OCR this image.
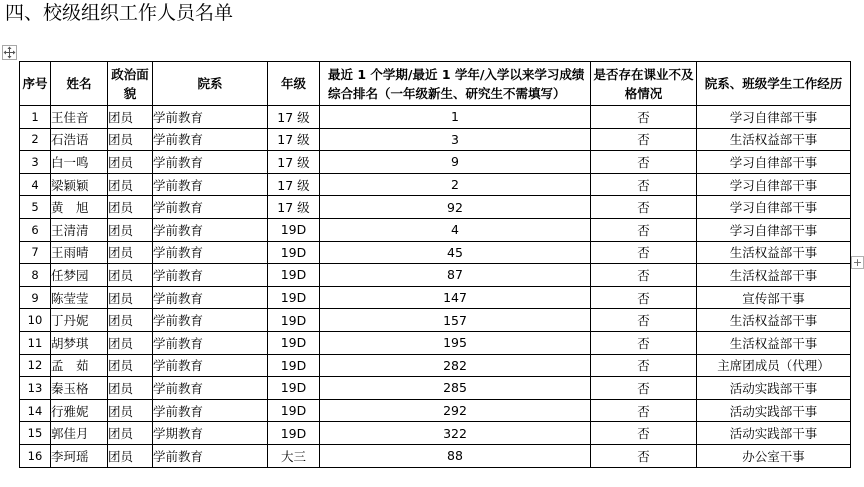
四、校级组织工作人员名单
+
序号	姓名	政治面貌	院系	年级	最近 1 个学期/最近 1 学年/入学以来学习成绩综合排名（一年级新生、研究生不需填写）	是否存在课业不及格情况	院系、班级学生工作经历
1	王佳音	团员	学前教育	17 级	1	否	学习自律部干事
2	石浩语	团员	学前教育	17 级	3	否	生活权益部干事
3	白一鸣	团员	学前教育	17 级	9	否	学习自律部干事
4	梁颖颖	团员	学前教育	17 级	2	否	学习自律部干事
5	黄　旭	团员	学前教育	17 级	92	否	学习自律部干事
6	王清清	团员	学前教育	19D	4	否	学习自律部干事
7	王雨晴	团员	学前教育	19D	45	否	生活权益部干事
8	任梦园	团员	学前教育	19D	87	否	生活权益部干事
9	陈莹莹	团员	学前教育	19D	147	否	宣传部干事
10	丁丹妮	团员	学前教育	19D	157	否	生活权益部干事
11	胡梦琪	团员	学前教育	19D	195	否	生活权益部干事
12	孟　茹	团员	学前教育	19D	282	否	主席团成员（代理）
13	秦玉格	团员	学前教育	19D	285	否	活动实践部干事
14	行雅妮	团员	学前教育	19D	292	否	活动实践部干事
15	郭佳月	团员	学期教育	19D	322	否	活动实践部干事
16	李珂瑶	团员	学前教育	大三	88	否	办公室干事
